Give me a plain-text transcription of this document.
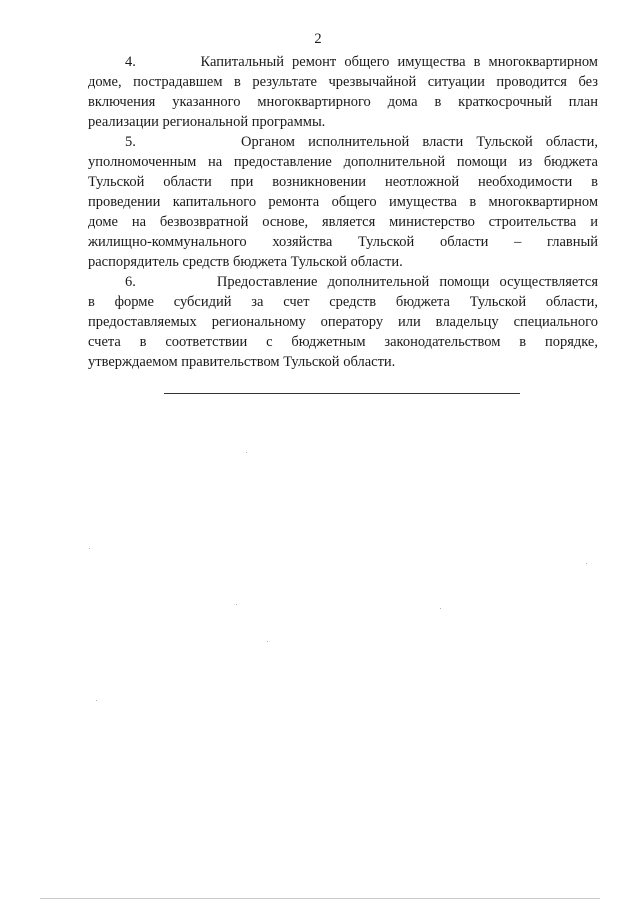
2
4.        Капитальный ремонт общего имущества в многоквартирном
доме, пострадавшем в результате чрезвычайной ситуации проводится без
включения указанного многоквартирного дома в краткосрочный план
реализации региональной программы.
5.        Органом исполнительной власти Тульской области,
уполномоченным на предоставление дополнительной помощи из бюджета
Тульской области при возникновении неотложной необходимости в
проведении капитального ремонта общего имущества в многоквартирном
доме на безвозвратной основе, является министерство строительства и
жилищно-коммунального хозяйства Тульской области – главный
распорядитель средств бюджета Тульской области.
6.        Предоставление дополнительной помощи осуществляется
в форме субсидий за счет средств бюджета Тульской области,
предоставляемых региональному оператору или владельцу специального
счета в соответствии с бюджетным законодательством в порядке,
утверждаемом правительством Тульской области.
